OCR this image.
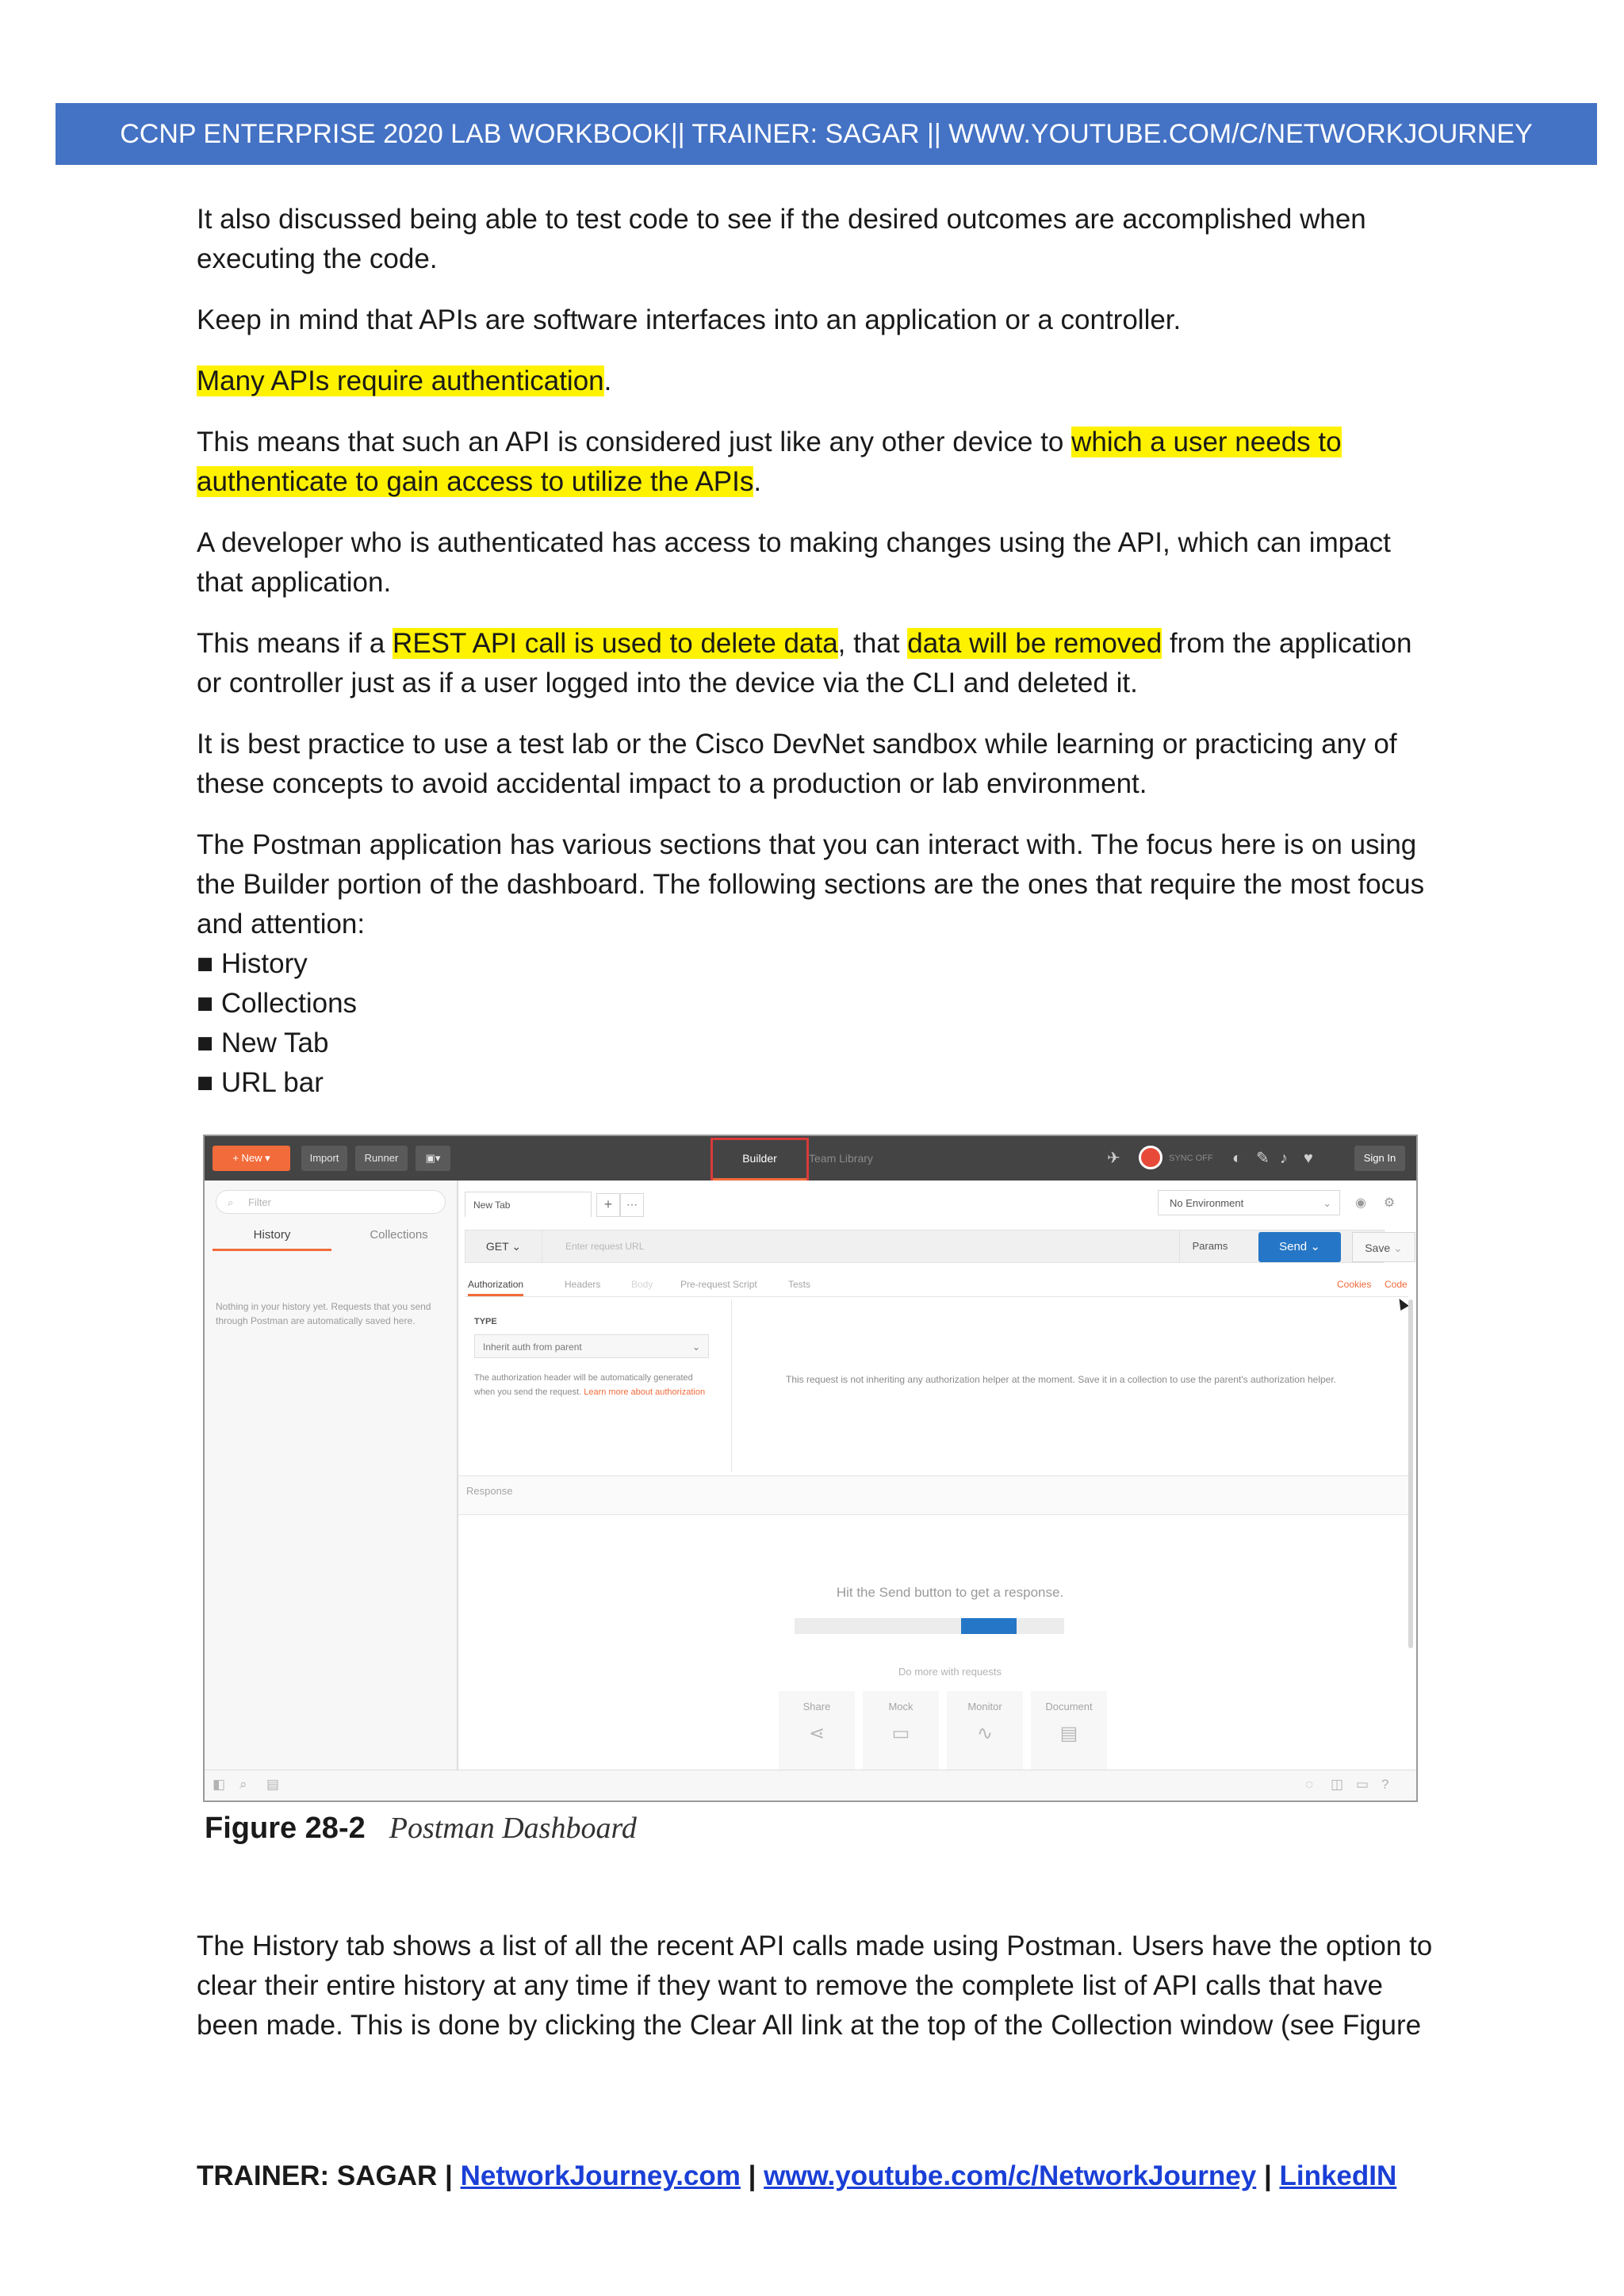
CCNP ENTERPRISE 2020 LAB WORKBOOK|| TRAINER: SAGAR || WWW.YOUTUBE.COM/C/NETWORKJOURNEY

It also discussed being able to test code to see if the desired outcomes are accomplished when executing the code.

Keep in mind that APIs are software interfaces into an application or a controller.

Many APIs require authentication.

This means that such an API is considered just like any other device to which a user needs to authenticate to gain access to utilize the APIs.

A developer who is authenticated has access to making changes using the API, which can impact that application.

This means if a REST API call is used to delete data, that data will be removed from the application or controller just as if a user logged into the device via the CLI and deleted it.

It is best practice to use a test lab or the Cisco DevNet sandbox while learning or practicing any of these concepts to avoid accidental impact to a production or lab environment.

The Postman application has various sections that you can interact with. The focus here is on using the Builder portion of the dashboard. The following sections are the ones that require the most focus and attention:

■ History
■ Collections
■ New Tab
■ URL bar
+ New ▾	Import	Runner	▣▾	Builder	Team Library	✈	SYNC OFF ◐ ✎ ♪ ♥	Sign In
⌕ Filter
History	Collections
Nothing in your history yet. Requests that you send through Postman are automatically saved here.
New Tab	+	⋯	No Environment	⌄	◉	⚙
GET ⌄	Enter request URL	Params	Send ⌄	Save ⌄
Authorization	Headers	Body	Pre-request Script	Tests	Cookies Code
TYPE
Inherit auth from parent	⌄
The authorization header will be automatically generated when you send the request. Learn more about authorization
This request is not inheriting any authorization helper at the moment. Save it in a collection to use the parent's authorization helper.
Response
Hit the Send button to get a response.
Do more with requests
Share
⋖
Mock
▭
Monitor
∿
Document
▤
◧ ⌕ ▤	◌ ◫ ▭ ?
Figure 28-2 Postman Dashboard
The History tab shows a list of all the recent API calls made using Postman. Users have the option to clear their entire history at any time if they want to remove the complete list of API calls that have been made. This is done by clicking the Clear All link at the top of the Collection window (see Figure
TRAINER: SAGAR | NetworkJourney.com | www.youtube.com/c/NetworkJourney | LinkedIN
